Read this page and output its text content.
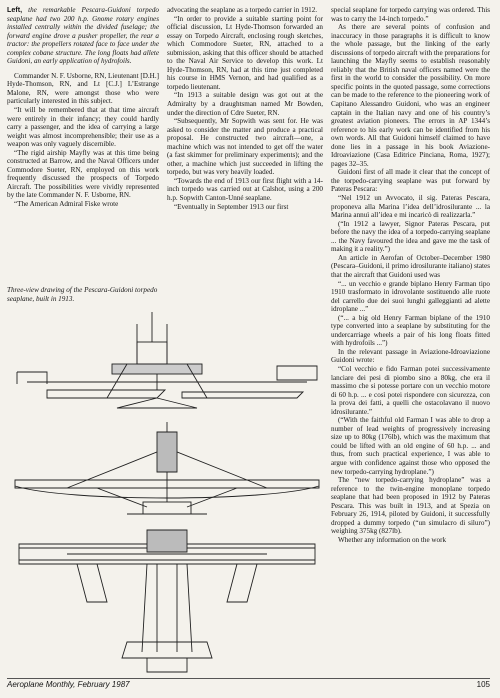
Left, the remarkable Pescara-Guidoni torpedo seaplane had two 200 h.p. Gnome rotary engines installed centrally within the divided fuselage; the forward engine drove a pusher propeller, the rear a tractor: the propellers rotated face to face under the complex cobane structure. The long floats had allete Guidoni, an early application of hydrofoils.

Commander N. F. Usborne, RN, Lieutenant [D.H.] Hyde-Thomson, RN, and Lt [C.J.] L’Estrange Malone, RN, were amongst those who were particularly interested in this subject.

“It will be remembered that at that time aircraft were entirely in their infancy; they could hardly carry a passenger, and the idea of carrying a large weight was almost incomprehensible; their use as a weapon was only vaguely discernible.

“The rigid airship Mayfly was at this time being constructed at Barrow, and the Naval Officers under Commodore Sueter, RN, employed on this work frequently discussed the prospects of Torpedo Aircraft. The possibilities were vividly represented by the late Commander N. F. Usborne, RN.

“The American Admiral Fiske wrote

advocating the seaplane as a torpedo carrier in 1912.

“In order to provide a suitable starting point for official discussion, Lt Hyde-Thomson forwarded an essay on Torpedo Aircraft, enclosing rough sketches, which Commodore Sueter, RN, attached to a submission, asking that this officer should be attached to the Naval Air Service to develop this work. Lt Hyde-Thomson, RN, had at this time just completed his course in HMS Vernon, and had qualified as a torpedo lieutenant.

“In 1913 a suitable design was got out at the Admiralty by a draughtsman named Mr Bowden, under the direction of Cdre Sueter, RN.

“Subsequently, Mr Sopwith was sent for. He was asked to consider the matter and produce a practical proposal. He constructed two aircraft—one, a machine which was not intended to get off the water (a fast skimmer for preliminary experiments); and the other, a machine which just succeeded in lifting the torpedo, but was very heavily loaded.

“Towards the end of 1913 our first flight with a 14-inch torpedo was carried out at Calshot, using a 200 h.p. Sopwith Canton-Unné seaplane.

“Eventually in September 1913 our first

special seaplane for torpedo carrying was ordered. This was to carry the 14-inch torpedo.”

As there are several points of confusion and inaccuracy in those paragraphs it is difficult to know the whole passage, but the linking of the early discussions of torpedo aircraft with the preparations for launching the Mayfly seems to establish reasonably reliably that the British naval officers named were the first in the world to consider the possibility. On more specific points in the quoted passage, some corrections can be made to the reference to the pioneering work of Capitano Alessandro Guidoni, who was an engineer captain in the Italian navy and one of his country’s greatest aviation pioneers. The errors in AP 1344’s reference to his early work can be identified from his own words. All that Guidoni himself claimed to have done lies in a passage in his book Aviazione-Idroaviazione (Casa Editrice Pinciana, Roma, 1927); pages 32–35.

Guidoni first of all made it clear that the concept of the torpedo-carrying seaplane was put forward by Pateras Pescara:

“Nel 1912 un Avvocato, il sig. Pateras Pescara, proponeva alla Marina l’idea dell’idrosilurante ... la Marina annuì all’idea e mi incaricò di realizzarla.”

(“In 1912 a lawyer, Signor Pateras Pescara, put before the navy the idea of a torpedo-carrying seaplane ... the Navy favoured the idea and gave me the task of making it a reality.”)

An article in Aerofan of October–December 1980 (Pescara–Guidoni, il primo idrosilurante italiano) states that the aircraft that Guidoni used was

“... un vecchio e grande biplano Henry Farman tipo 1910 trasformato in idrovolante sostituendo alle ruote del carrello due dei suoi lunghi galleggianti ad alette idroplane ...”

(“... a big old Henry Farman biplane of the 1910 type converted into a seaplane by substituting for the undercarriage wheels a pair of his long floats fitted with hydrofoils ...”)

In the relevant passage in Aviazione-Idroaviazione Guidoni wrote:

“Col vecchio e fido Farman potei successivamente lanciare dei pesi di piombo sino a 80kg, che era il massimo che si potesse portare con un vecchio motore di 60 h.p. ... e così potei rispondere con sicurezza, con la prova dei fatti, a quelli che ostacolavano il nuovo idrosilurante.”

(“With the faithful old Farman I was able to drop a number of lead weights of progressively increasing size up to 80kg (176lb), which was the maximum that could be lifted with an old engine of 60 h.p. ... and thus, from such practical experience, I was able to argue with confidence against those who opposed the new torpedo-carrying hydroplane.”)

The “new torpedo-carrying hydroplane” was a reference to the twin-engine monoplane torpedo seaplane that had been proposed in 1912 by Pateras Pescara. This was built in 1913, and at Spezia on February 26, 1914, piloted by Guidoni, it successfully dropped a dummy torpedo (“un simulacro di siluro”) weighing 375kg (827lb).

Whether any information on the work

Three-view drawing of the Pescara-Guidoni torpedo seaplane, built in 1913.

Aeroplane Monthly, February 1987	105
